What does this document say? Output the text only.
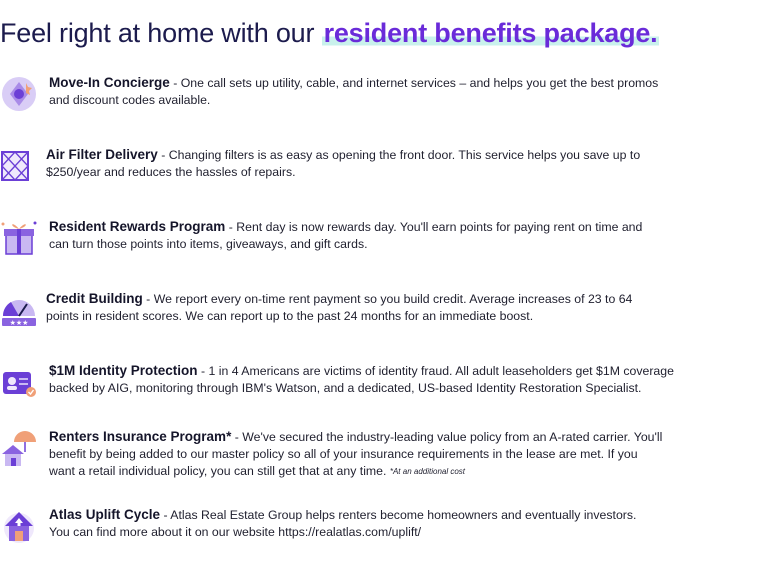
Feel right at home with our resident benefits package.
Move-In Concierge - One call sets up utility, cable, and internet services – and helps you get the best promos
and discount codes available.
Air Filter Delivery - Changing filters is as easy as opening the front door. This service helps you save up to
$250/year and reduces the hassles of repairs.
Resident Rewards Program - Rent day is now rewards day. You'll earn points for paying rent on time and
can turn those points into items, giveaways, and gift cards.
★★★
Credit Building - We report every on-time rent payment so you build credit. Average increases of 23 to 64
points in resident scores. We can report up to the past 24 months for an immediate boost.
$1M Identity Protection - 1 in 4 Americans are victims of identity fraud. All adult leaseholders get $1M coverage
backed by AIG, monitoring through IBM's Watson, and a dedicated, US-based Identity Restoration Specialist.
Renters Insurance Program* - We've secured the industry-leading value policy from an A-rated carrier. You'll
benefit by being added to our master policy so all of your insurance requirements in the lease are met. If you
want a retail individual policy, you can still get that at any time. *At an additional cost
Atlas Uplift Cycle - Atlas Real Estate Group helps renters become homeowners and eventually investors.
You can find more about it on our website https://realatlas.com/uplift/
